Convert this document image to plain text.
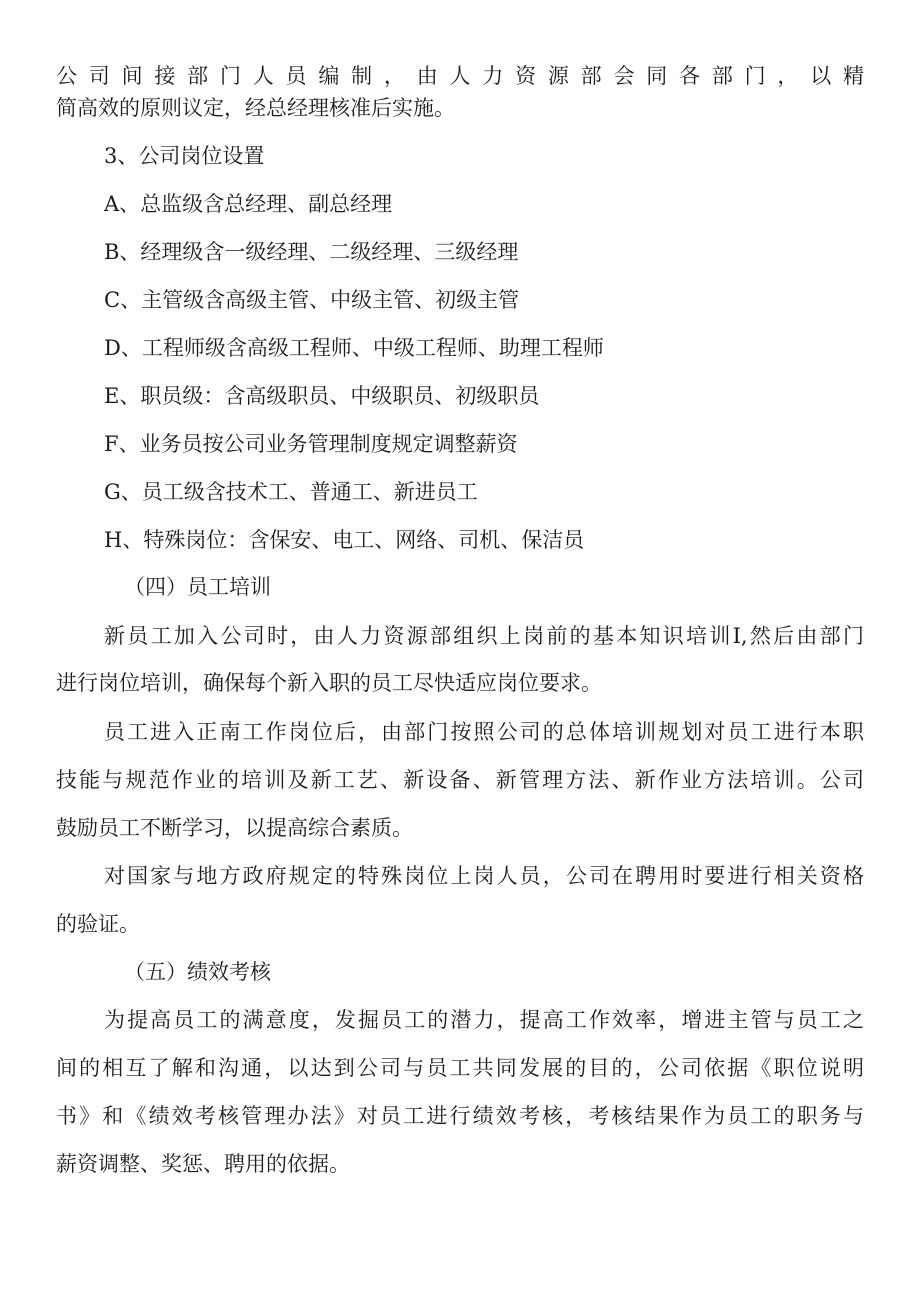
公司间接部门人员编制，由人力资源部会同各部门，以精
简高效的原则议定，经总经理核准后实施。
3、公司岗位设置
A、总监级含总经理、副总经理
B、经理级含一级经理、二级经理、三级经理
C、主管级含高级主管、中级主管、初级主管
D、工程师级含高级工程师、中级工程师、助理工程师
E、职员级：含高级职员、中级职员、初级职员
F、业务员按公司业务管理制度规定调整薪资
G、员工级含技术工、普通工、新进员工
H、特殊岗位：含保安、电工、网络、司机、保洁员
（四）员工培训
新员工加入公司时，由人力资源部组织上岗前的基本知识培训I,然后由部门
进行岗位培训，确保每个新入职的员工尽快适应岗位要求。
员工进入正南工作岗位后，由部门按照公司的总体培训规划对员工进行本职
技能与规范作业的培训及新工艺、新设备、新管理方法、新作业方法培训。公司
鼓励员工不断学习，以提高综合素质。
对国家与地方政府规定的特殊岗位上岗人员，公司在聘用时要进行相关资格
的验证。
（五）绩效考核
为提高员工的满意度，发掘员工的潜力，提高工作效率，增进主管与员工之
间的相互了解和沟通，以达到公司与员工共同发展的目的，公司依据《职位说明
书》和《绩效考核管理办法》对员工进行绩效考核，考核结果作为员工的职务与
薪资调整、奖惩、聘用的依据。
